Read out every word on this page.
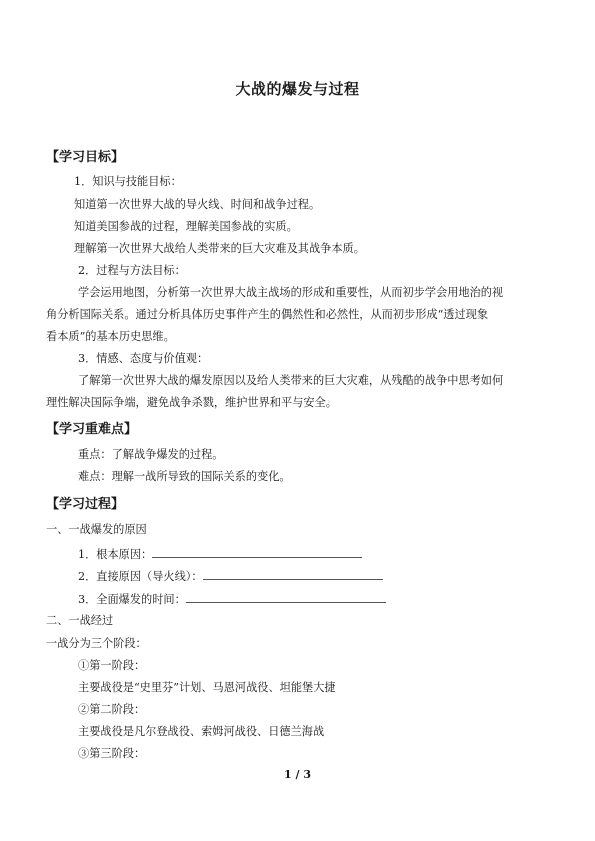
大战的爆发与过程
【学习目标】
1．知识与技能目标：
知道第一次世界大战的导火线、时间和战争过程。
知道美国参战的过程，理解美国参战的实质。
理解第一次世界大战给人类带来的巨大灾难及其战争本质。
2．过程与方法目标：
学会运用地图，分析第一次世界大战主战场的形成和重要性，从而初步学会用地治的视
角分析国际关系。通过分析具体历史事件产生的偶然性和必然性，从而初步形成“透过现象
看本质”的基本历史思维。
3．情感、态度与价值观：
了解第一次世界大战的爆发原因以及给人类带来的巨大灾难，从残酷的战争中思考如何
理性解决国际争端，避免战争杀戮，维护世界和平与安全。
【学习重难点】
重点：了解战争爆发的过程。
难点：理解一战所导致的国际关系的变化。
【学习过程】
一、一战爆发的原因
1．根本原因：
2．直接原因（导火线）：
3．全面爆发的时间：
二、一战经过
一战分为三个阶段：
①第一阶段：
主要战役是“史里芬”计划、马恩河战役、坦能堡大捷
②第二阶段：
主要战役是凡尔登战役、索姆河战役、日德兰海战
③第三阶段：
1 / 3
